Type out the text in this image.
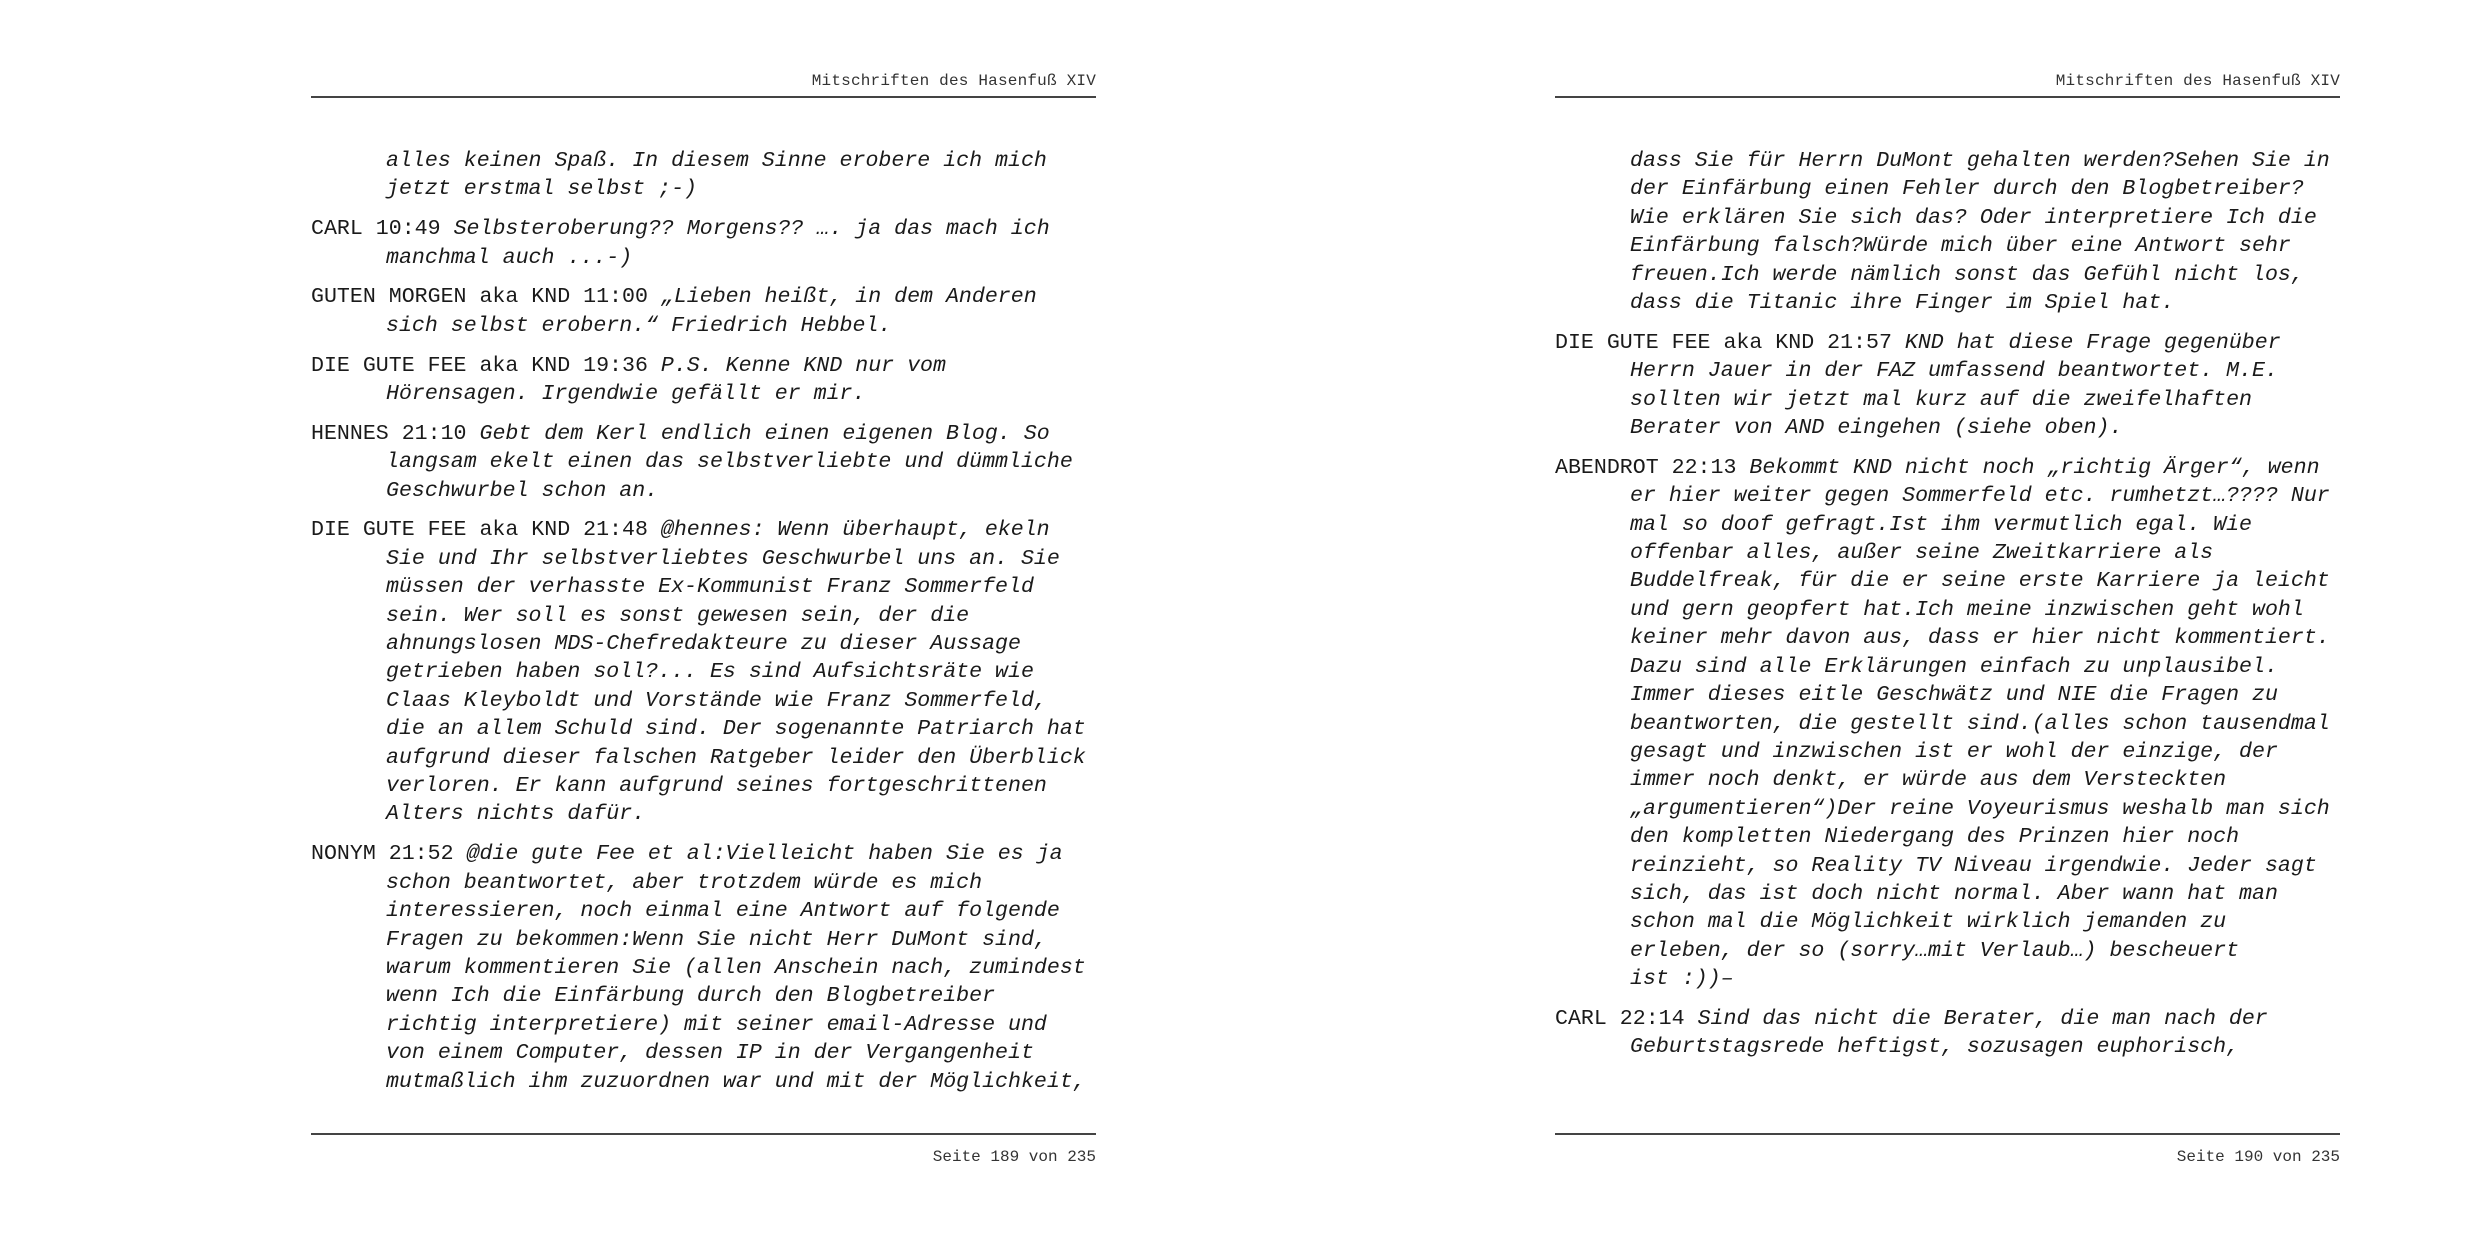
Mitschriften des Hasenfuß XIV
alles keinen Spaß. In diesem Sinne erobere ich mich
jetzt erstmal selbst ;-)
CARL 10:49 Selbsteroberung?? Morgens?? …. ja das mach ich
manchmal auch ...-)
GUTEN MORGEN aka KND 11:00 „Lieben heißt, in dem Anderen
sich selbst erobern.“ Friedrich Hebbel.
DIE GUTE FEE aka KND 19:36 P.S. Kenne KND nur vom
Hörensagen. Irgendwie gefällt er mir.
HENNES 21:10 Gebt dem Kerl endlich einen eigenen Blog. So
langsam ekelt einen das selbstverliebte und dümmliche
Geschwurbel schon an.
DIE GUTE FEE aka KND 21:48 @hennes: Wenn überhaupt, ekeln
Sie und Ihr selbstverliebtes Geschwurbel uns an. Sie
müssen der verhasste Ex-Kommunist Franz Sommerfeld
sein. Wer soll es sonst gewesen sein, der die
ahnungslosen MDS-Chefredakteure zu dieser Aussage
getrieben haben soll?... Es sind Aufsichtsräte wie
Claas Kleyboldt und Vorstände wie Franz Sommerfeld,
die an allem Schuld sind. Der sogenannte Patriarch hat
aufgrund dieser falschen Ratgeber leider den Überblick
verloren. Er kann aufgrund seines fortgeschrittenen
Alters nichts dafür.
NONYM 21:52 @die gute Fee et al:Vielleicht haben Sie es ja
schon beantwortet, aber trotzdem würde es mich
interessieren, noch einmal eine Antwort auf folgende
Fragen zu bekommen:Wenn Sie nicht Herr DuMont sind,
warum kommentieren Sie (allen Anschein nach, zumindest
wenn Ich die Einfärbung durch den Blogbetreiber
richtig interpretiere) mit seiner email-Adresse und
von einem Computer, dessen IP in der Vergangenheit
mutmaßlich ihm zuzuordnen war und mit der Möglichkeit,
Seite 189 von 235
Mitschriften des Hasenfuß XIV
dass Sie für Herrn DuMont gehalten werden?Sehen Sie in
der Einfärbung einen Fehler durch den Blogbetreiber?
Wie erklären Sie sich das? Oder interpretiere Ich die
Einfärbung falsch?Würde mich über eine Antwort sehr
freuen.Ich werde nämlich sonst das Gefühl nicht los,
dass die Titanic ihre Finger im Spiel hat.
DIE GUTE FEE aka KND 21:57 KND hat diese Frage gegenüber
Herrn Jauer in der FAZ umfassend beantwortet. M.E.
sollten wir jetzt mal kurz auf die zweifelhaften
Berater von AND eingehen (siehe oben).
ABENDROT 22:13 Bekommt KND nicht noch „richtig Ärger“, wenn
er hier weiter gegen Sommerfeld etc. rumhetzt…???? Nur
mal so doof gefragt.Ist ihm vermutlich egal. Wie
offenbar alles, außer seine Zweitkarriere als
Buddelfreak, für die er seine erste Karriere ja leicht
und gern geopfert hat.Ich meine inzwischen geht wohl
keiner mehr davon aus, dass er hier nicht kommentiert.
Dazu sind alle Erklärungen einfach zu unplausibel.
Immer dieses eitle Geschwätz und NIE die Fragen zu
beantworten, die gestellt sind.(alles schon tausendmal
gesagt und inzwischen ist er wohl der einzige, der
immer noch denkt, er würde aus dem Versteckten
„argumentieren“)Der reine Voyeurismus weshalb man sich
den kompletten Niedergang des Prinzen hier noch
reinzieht, so Reality TV Niveau irgendwie. Jeder sagt
sich, das ist doch nicht normal. Aber wann hat man
schon mal die Möglichkeit wirklich jemanden zu
erleben, der so (sorry…mit Verlaub…) bescheuert
ist :))–
CARL 22:14 Sind das nicht die Berater, die man nach der
Geburtstagsrede heftigst, sozusagen euphorisch,
Seite 190 von 235
